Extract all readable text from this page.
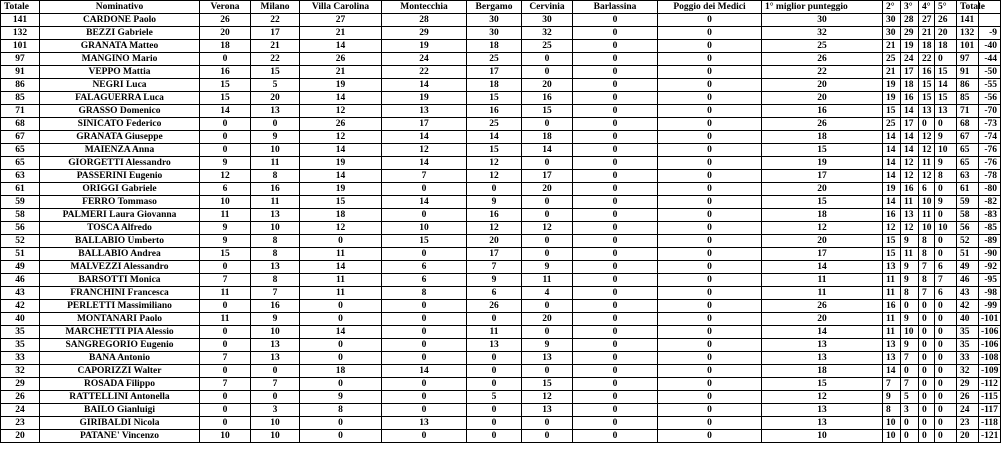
Totale	Nominativo	Verona	Milano	Villa Carolina	Montecchia	Bergamo	Cervinia	Barlassina	Poggio dei Medici	1° miglior punteggio	2°	3°	4°	5°	Totale	
141	CARDONE Paolo	26	22	27	28	30	30	0	0	30	30	28	27	26	141	
132	BEZZI Gabriele	20	17	21	29	30	32	0	0	32	30	29	21	20	132	-9
101	GRANATA Matteo	18	21	14	19	18	25	0	0	25	21	19	18	18	101	-40
97	MANGINO Mario	0	22	26	24	25	0	0	0	26	25	24	22	0	97	-44
91	VEPPO Mattia	16	15	21	22	17	0	0	0	22	21	17	16	15	91	-50
86	NEGRI Luca	15	5	19	14	18	20	0	0	20	19	18	15	14	86	-55
85	FALAGUERRA Luca	15	20	14	19	15	16	0	0	20	19	16	15	15	85	-56
71	GRASSO Domenico	14	13	12	13	16	15	0	0	16	15	14	13	13	71	-70
68	SINICATO Federico	0	0	26	17	25	0	0	0	26	25	17	0	0	68	-73
67	GRANATA Giuseppe	0	9	12	14	14	18	0	0	18	14	14	12	9	67	-74
65	MAIENZA Anna	0	10	14	12	15	14	0	0	15	14	14	12	10	65	-76
65	GIORGETTI Alessandro	9	11	19	14	12	0	0	0	19	14	12	11	9	65	-76
63	PASSERINI Eugenio	12	8	14	7	12	17	0	0	17	14	12	12	8	63	-78
61	ORIGGI Gabriele	6	16	19	0	0	20	0	0	20	19	16	6	0	61	-80
59	FERRO Tommaso	10	11	15	14	9	0	0	0	15	14	11	10	9	59	-82
58	PALMERI Laura Giovanna	11	13	18	0	16	0	0	0	18	16	13	11	0	58	-83
56	TOSCA Alfredo	9	10	12	10	12	12	0	0	12	12	12	10	10	56	-85
52	BALLABIO Umberto	9	8	0	15	20	0	0	0	20	15	9	8	0	52	-89
51	BALLABIO Andrea	15	8	11	0	17	0	0	0	17	15	11	8	0	51	-90
49	MALVEZZI Alessandro	0	13	14	6	7	9	0	0	14	13	9	7	6	49	-92
46	BARSOTTI Monica	7	8	11	6	9	11	0	0	11	11	9	8	7	46	-95
43	FRANCHINI Francesca	11	7	11	8	6	4	0	0	11	11	8	7	6	43	-98
42	PERLETTI Massimiliano	0	16	0	0	26	0	0	0	26	16	0	0	0	42	-99
40	MONTANARI Paolo	11	9	0	0	0	20	0	0	20	11	9	0	0	40	-101
35	MARCHETTI PIA Alessio	0	10	14	0	11	0	0	0	14	11	10	0	0	35	-106
35	SANGREGORIO Eugenio	0	13	0	0	13	9	0	0	13	13	9	0	0	35	-106
33	BANA Antonio	7	13	0	0	0	13	0	0	13	13	7	0	0	33	-108
32	CAPORIZZI Walter	0	0	18	14	0	0	0	0	18	14	0	0	0	32	-109
29	ROSADA Filippo	7	7	0	0	0	15	0	0	15	7	7	0	0	29	-112
26	RATTELLINI Antonella	0	0	9	0	5	12	0	0	12	9	5	0	0	26	-115
24	BAILO Gianluigi	0	3	8	0	0	13	0	0	13	8	3	0	0	24	-117
23	GIRIBALDI Nicola	0	10	0	13	0	0	0	0	13	10	0	0	0	23	-118
20	PATANE' Vincenzo	10	10	0	0	0	0	0	0	10	10	0	0	0	20	-121
